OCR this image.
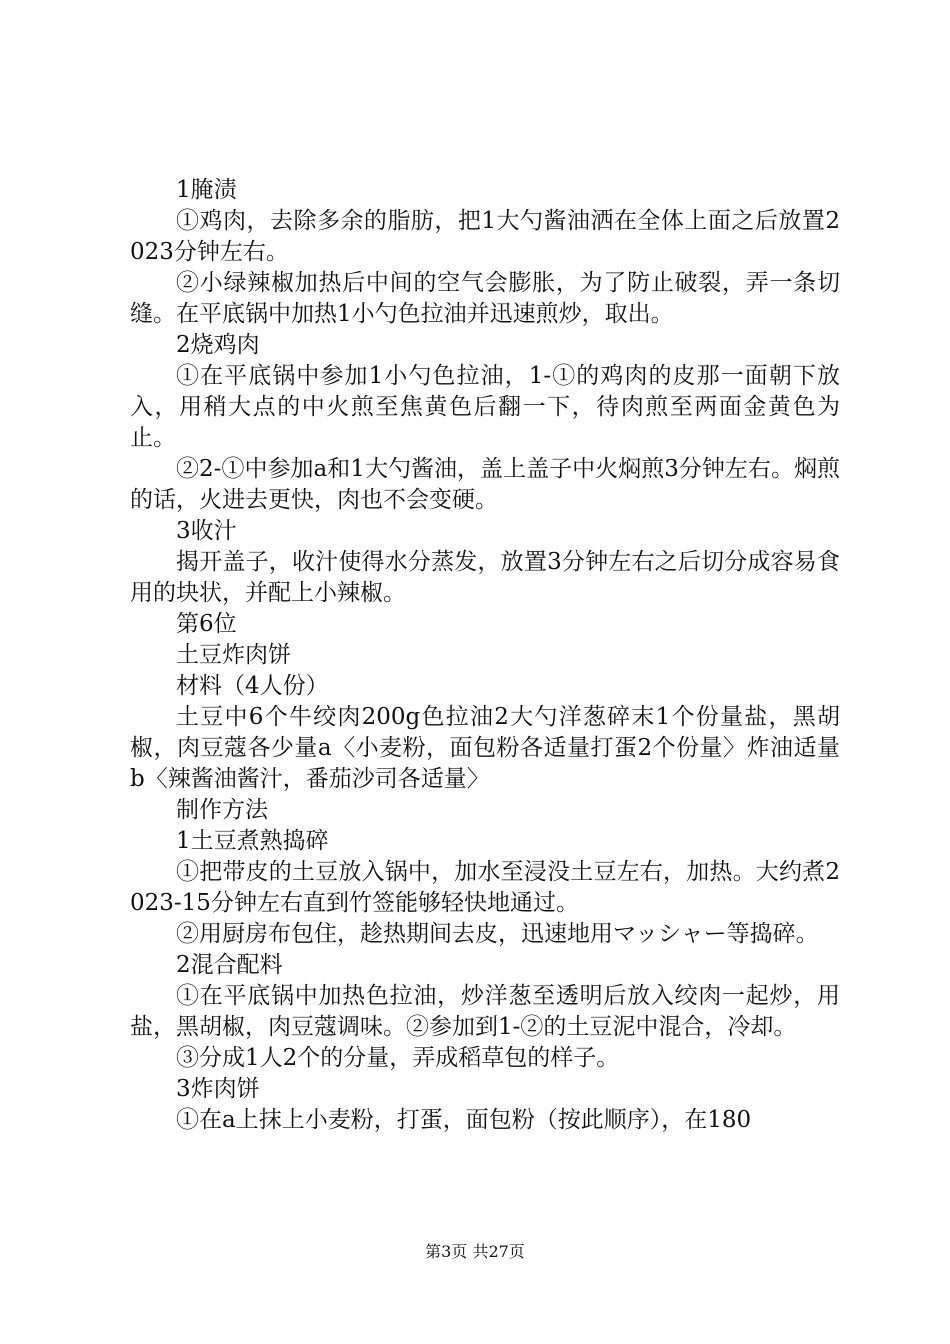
1腌渍

①鸡肉，去除多余的脂肪，把1大勺酱油洒在全体上面之后放置2023分钟左右。

②小绿辣椒加热后中间的空气会膨胀，为了防止破裂，弄一条切缝。在平底锅中加热1小勺色拉油并迅速煎炒，取出。

2烧鸡肉

①在平底锅中参加1小勺色拉油，1-①的鸡肉的皮那一面朝下放入，用稍大点的中火煎至焦黄色后翻一下，待肉煎至两面金黄色为止。

②2-①中参加a和1大勺酱油，盖上盖子中火焖煎3分钟左右。焖煎的话，火进去更快，肉也不会变硬。

3收汁

揭开盖子，收汁使得水分蒸发，放置3分钟左右之后切分成容易食用的块状，并配上小辣椒。

第6位

土豆炸肉饼

材料（4人份）

土豆中6个牛绞肉200g色拉油2大勺洋葱碎末1个份量盐，黑胡椒，肉豆蔻各少量a〈小麦粉，面包粉各适量打蛋2个份量〉炸油适量b〈辣酱油酱汁，番茄沙司各适量〉

制作方法

1土豆煮熟捣碎

①把带皮的土豆放入锅中，加水至浸没土豆左右，加热。大约煮2023-15分钟左右直到竹签能够轻快地通过。

②用厨房布包住，趁热期间去皮，迅速地用マッシャー等捣碎。

2混合配料

①在平底锅中加热色拉油，炒洋葱至透明后放入绞肉一起炒，用盐，黑胡椒，肉豆蔻调味。②参加到1-②的土豆泥中混合，冷却。

③分成1人2个的分量，弄成稻草包的样子。

3炸肉饼

①在a上抹上小麦粉，打蛋，面包粉（按此顺序），在180

第3页 共27页
